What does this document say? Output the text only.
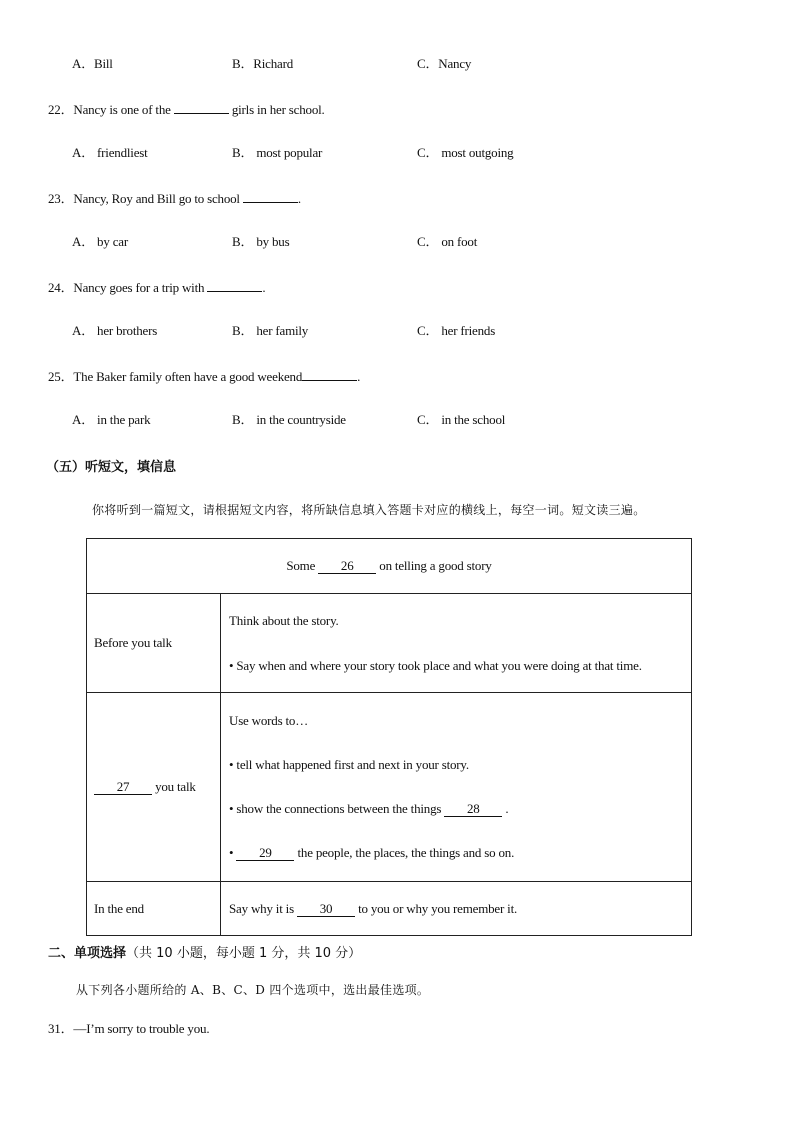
A．Bill	B．Richard	C．Nancy
22．Nancy is one of the	girls in her school.
A． friendliest	B． most popular	C． most outgoing
23．Nancy, Roy and Bill go to school	.
A． by car	B． by bus	C． on foot
24．Nancy goes for a trip with	.
A． her brothers	B． her family	C． her friends
25．The Baker family often have a good weekend	.
A． in the park	B． in the countryside	C． in the school
（五）听短文，填信息
你将听到一篇短文，请根据短文内容，将所缺信息填入答题卡对应的横线上，每空一词。短文读三遍。
Some 26 on telling a good story	
Before you talk	Think about the story.

• Say when and where your story took place and what you were doing at that time.

27 you talk	Use words to…

• tell what happened first and next in your story.

• show the connections between the things 28 .

• 29 the people, the places, the things and so on.

In the end	Say why it is 30 to you or why you remember it.
二、单项选择（共 10 小题，每小题 1 分，共 10 分）
从下列各小题所给的 A、B、C、D 四个选项中，选出最佳选项。
31．—I’m sorry to trouble you.
